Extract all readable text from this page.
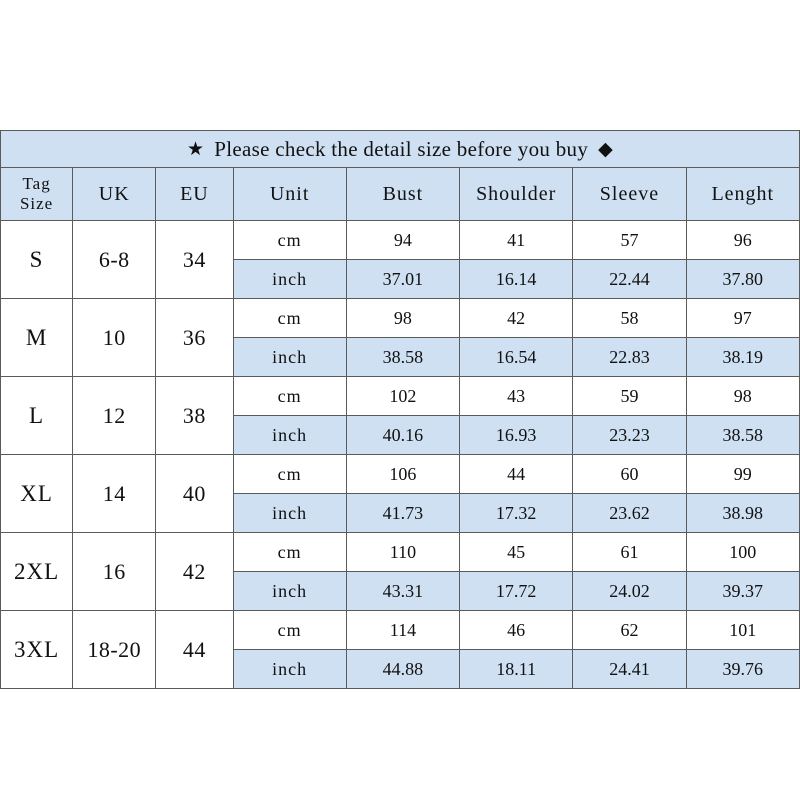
★ Please check the detail size before you buy ◆							

Tag
Size	UK	EU	Unit	Bust	Shoulder	Sleeve	Lenght
S	6-8	34	cm	94	41	57	96
			inch	37.01	16.14	22.44	37.80
M	10	36	cm	98	42	58	97
			inch	38.58	16.54	22.83	38.19
L	12	38	cm	102	43	59	98
			inch	40.16	16.93	23.23	38.58
XL	14	40	cm	106	44	60	99
			inch	41.73	17.32	23.62	38.98
2XL	16	42	cm	110	45	61	100
			inch	43.31	17.72	24.02	39.37
3XL	18-20	44	cm	114	46	62	101
			inch	44.88	18.11	24.41	39.76
